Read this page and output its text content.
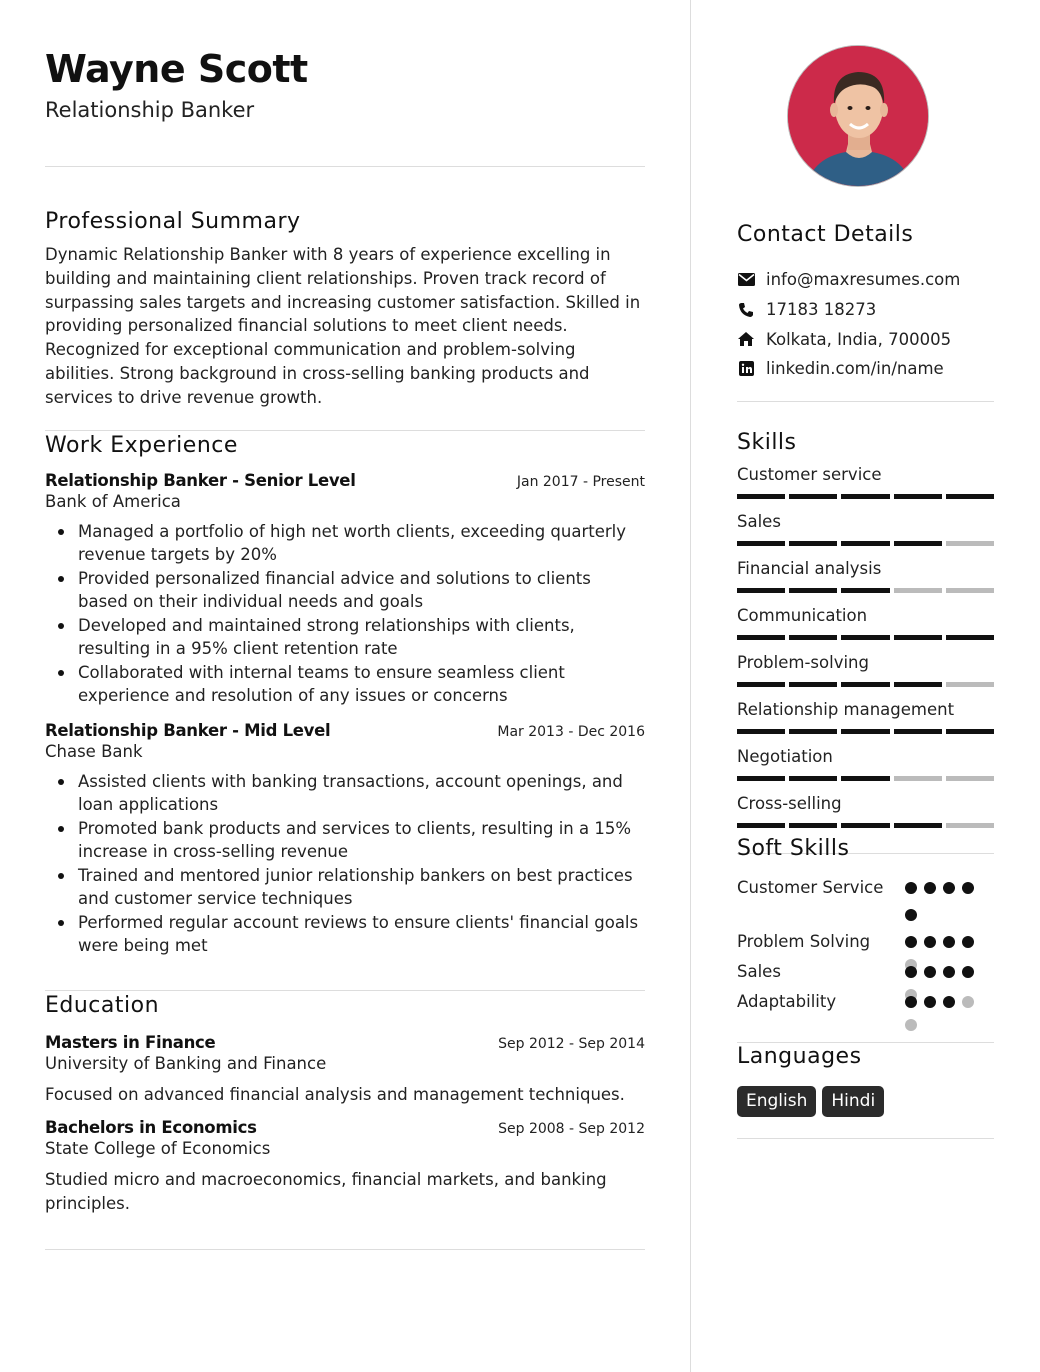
Wayne Scott
Relationship Banker
Professional Summary

Dynamic Relationship Banker with 8 years of experience excelling in building and maintaining client relationships. Proven track record of surpassing sales targets and increasing customer satisfaction. Skilled in providing personalized financial solutions to meet client needs. Recognized for exceptional communication and problem-solving abilities. Strong background in cross-selling banking products and services to drive revenue growth.

Work Experience
Relationship Banker - Senior Level	Jan 2017 - Present
Bank of America
Managed a portfolio of high net worth clients, exceeding quarterly revenue targets by 20%
Provided personalized financial advice and solutions to clients based on their individual needs and goals
Developed and maintained strong relationships with clients, resulting in a 95% client retention rate
Collaborated with internal teams to ensure seamless client experience and resolution of any issues or concerns
Relationship Banker - Mid Level	Mar 2013 - Dec 2016
Chase Bank
Assisted clients with banking transactions, account openings, and loan applications
Promoted bank products and services to clients, resulting in a 15% increase in cross-selling revenue
Trained and mentored junior relationship bankers on best practices and customer service techniques
Performed regular account reviews to ensure clients' financial goals were being met
Education
Masters in Finance	Sep 2012 - Sep 2014
University of Banking and Finance

Focused on advanced financial analysis and management techniques.

Bachelors in Economics	Sep 2008 - Sep 2012
State College of Economics

Studied micro and macroeconomics, financial markets, and banking principles.

Contact Details
info@maxresumes.com
17183 18273
Kolkata, India, 700005
linkedin.com/in/name
Skills
Customer service
Sales
Financial analysis
Communication
Problem-solving
Relationship management
Negotiation
Cross-selling
Soft Skills
Customer Service
Problem Solving
Sales
Adaptability
Languages
English	Hindi
